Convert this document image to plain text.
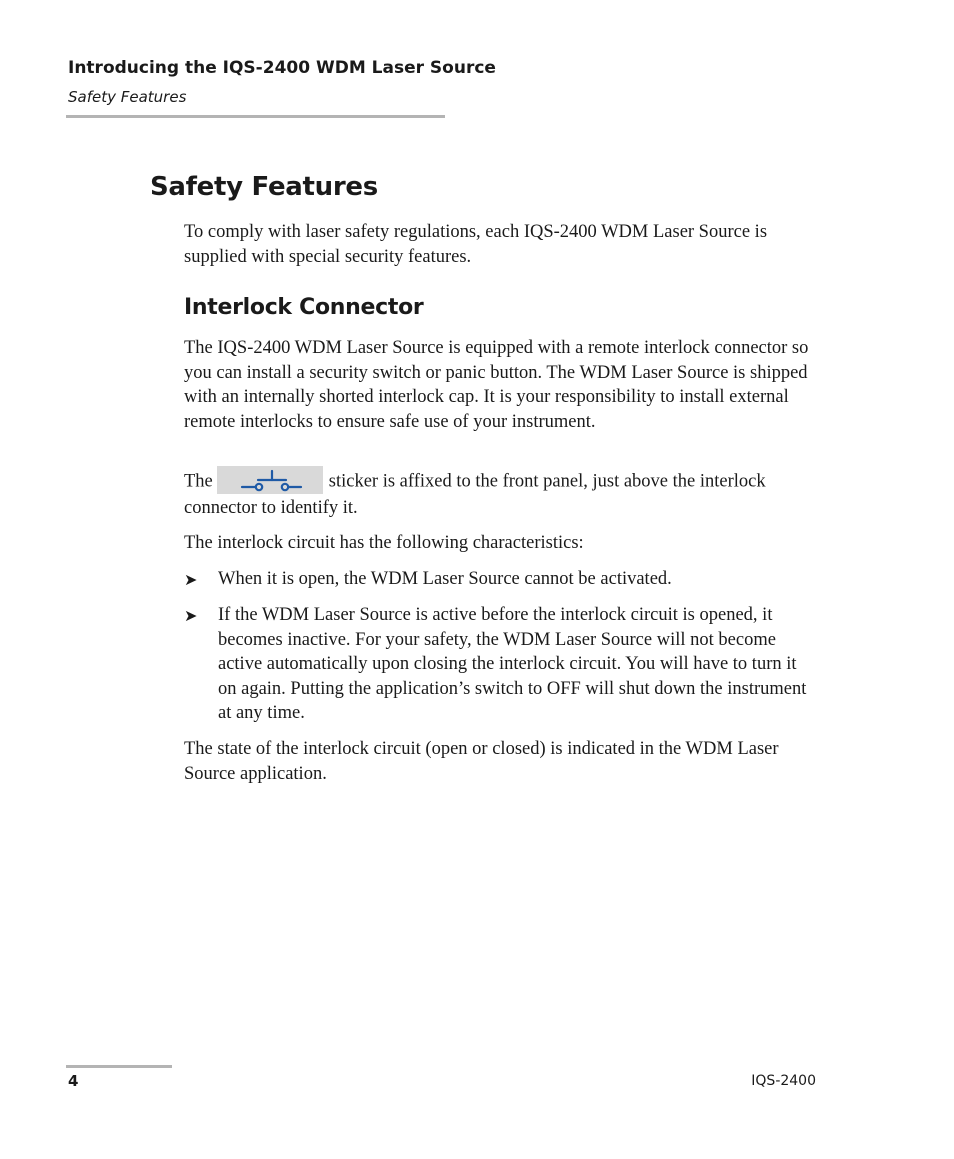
Introducing the IQS-2400 WDM Laser Source
Safety Features
Safety Features

To comply with laser safety regulations, each IQS-2400 WDM Laser Source is supplied with special security features.

Interlock Connector

The IQS-2400 WDM Laser Source is equipped with a remote interlock connector so you can install a security switch or panic button. The WDM Laser Source is shipped with an internally shorted interlock cap. It is your responsibility to install external remote interlocks to ensure safe use of your instrument.

The	sticker is affixed to the front panel, just above the interlock connector to identify it.

The interlock circuit has the following characteristics:

➤ When it is open, the WDM Laser Source cannot be activated.
➤ If the WDM Laser Source is active before the interlock circuit is opened, it becomes inactive. For your safety, the WDM Laser Source will not become active automatically upon closing the interlock circuit. You will have to turn it on again. Putting the application’s switch to OFF will shut down the instrument at any time.

The state of the interlock circuit (open or closed) is indicated in the WDM Laser Source application.

4	IQS-2400
